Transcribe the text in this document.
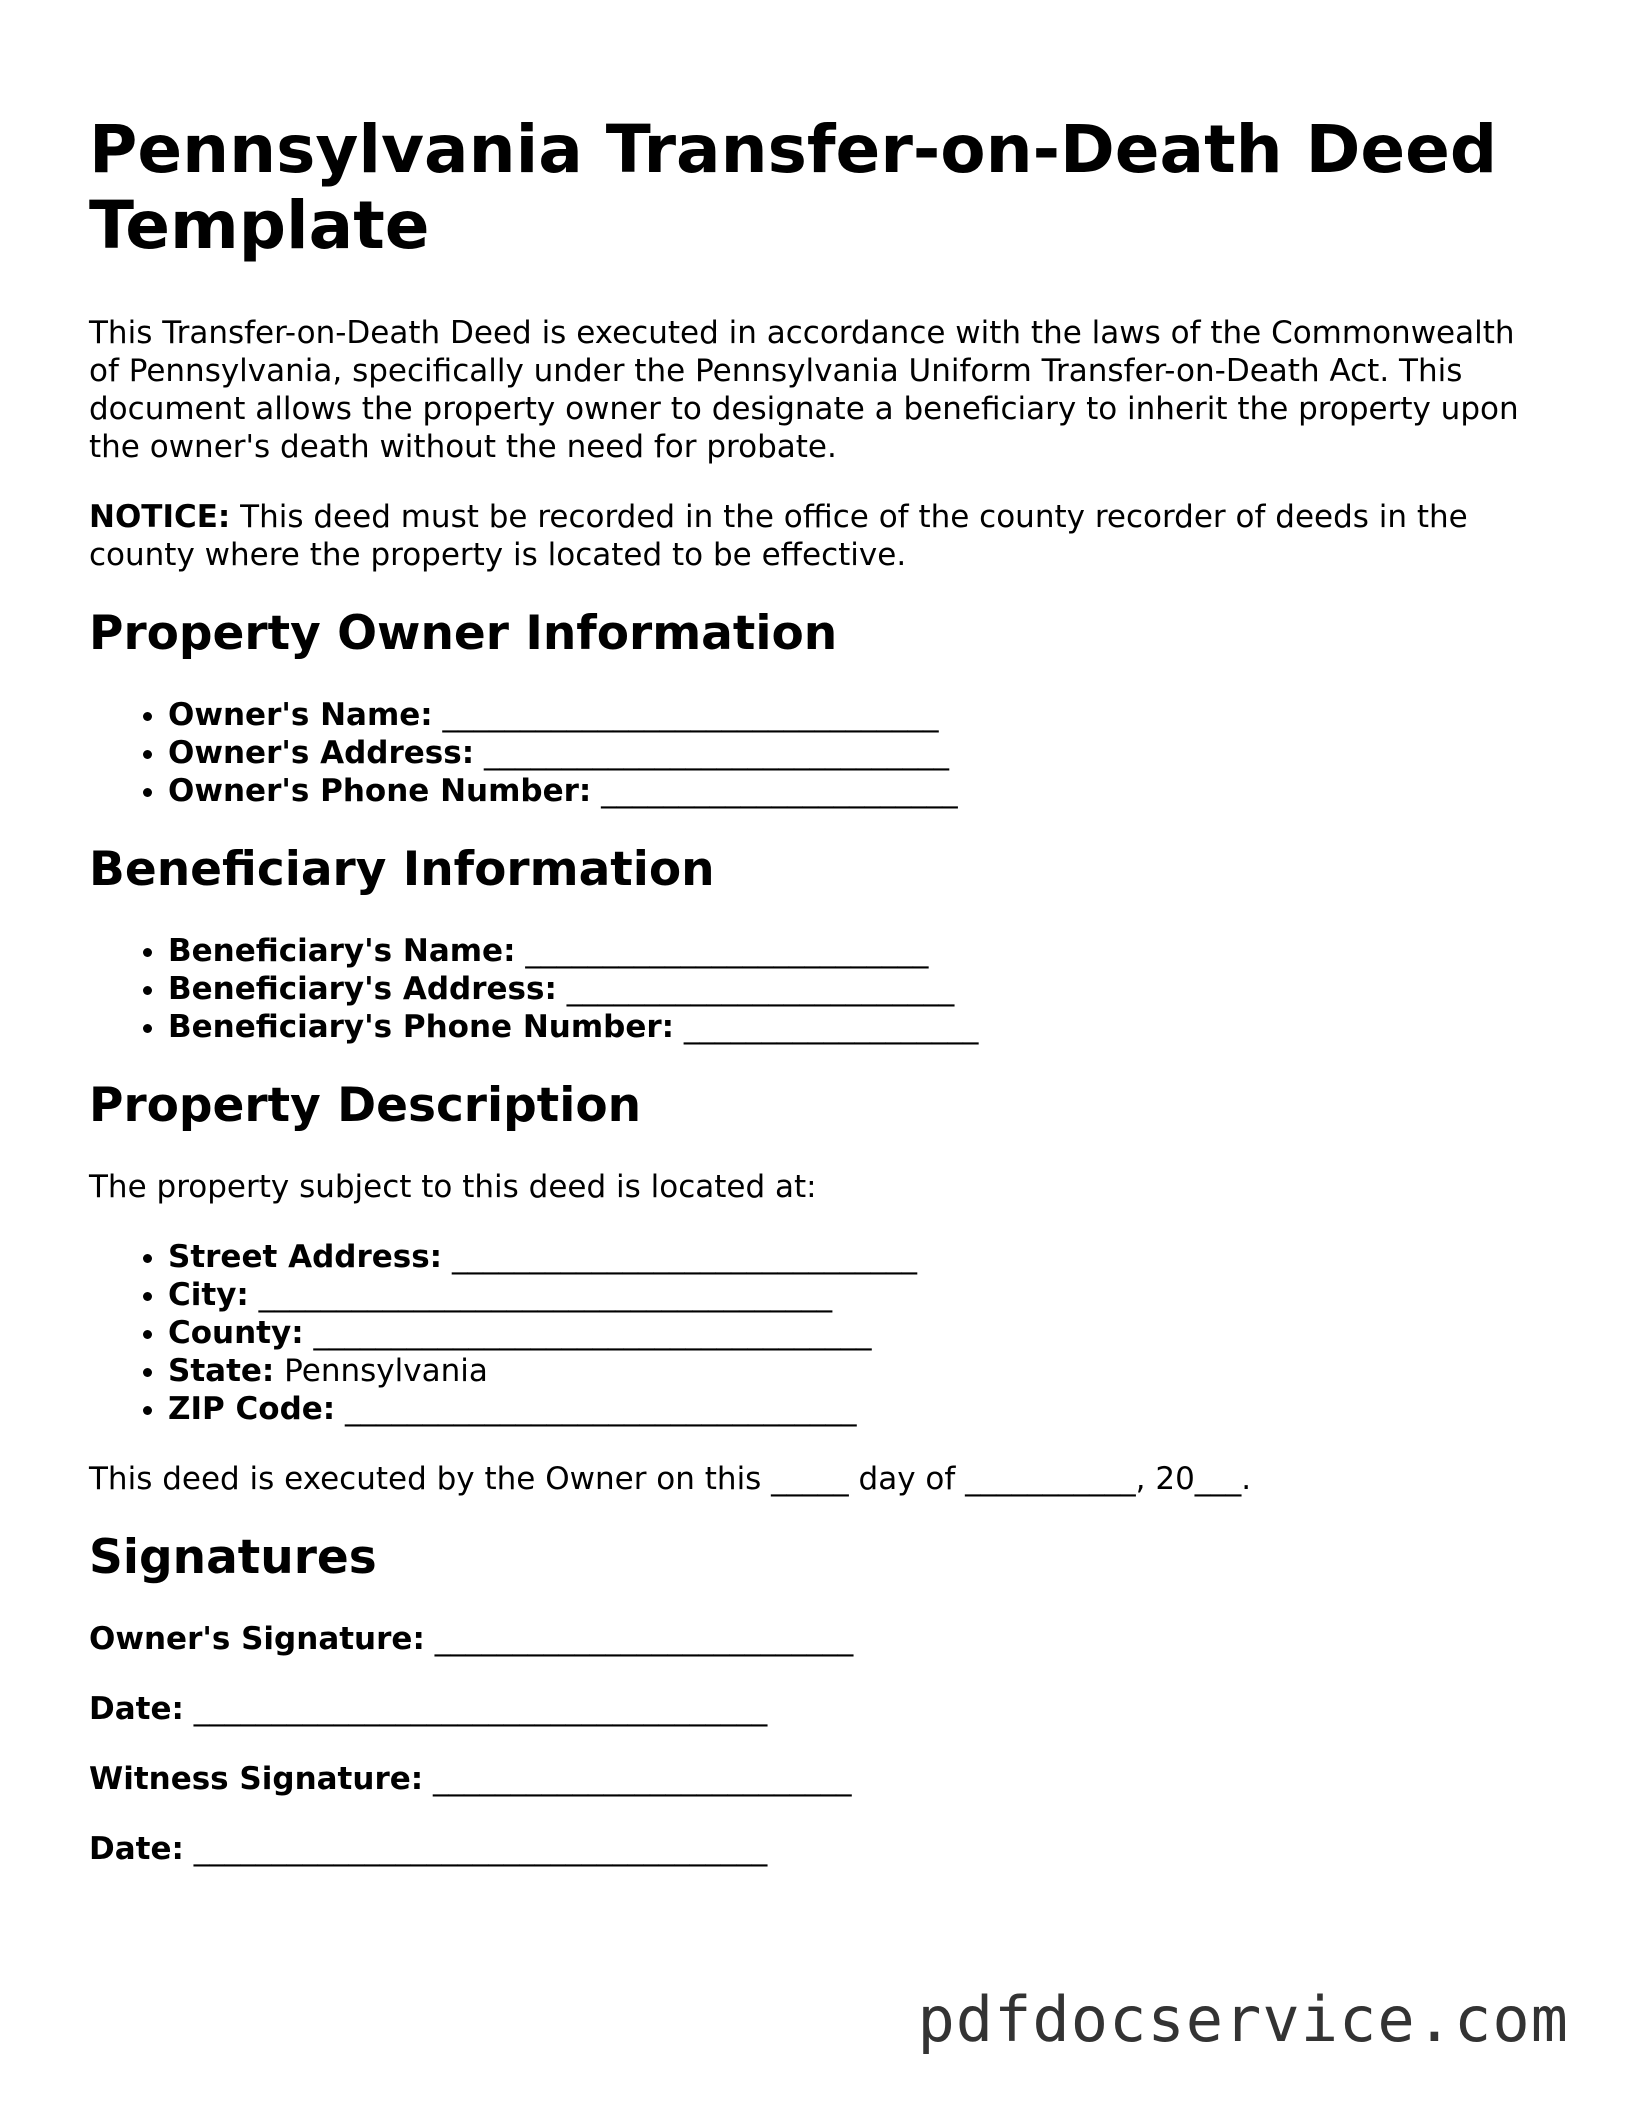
Pennsylvania Transfer-on-Death Deed Template

This Transfer-on-Death Deed is executed in accordance with the laws of the Commonwealth of Pennsylvania, specifically under the Pennsylvania Uniform Transfer-on-Death Act. This document allows the property owner to designate a beneficiary to inherit the property upon the owner's death without the need for probate.

NOTICE: This deed must be recorded in the office of the county recorder of deeds in the county where the property is located to be effective.

Property Owner Information
• Owner's Name: ________________________________
• Owner's Address: ______________________________
• Owner's Phone Number: _______________________
Beneficiary Information
• Beneficiary's Name: __________________________
• Beneficiary's Address: _________________________
• Beneficiary's Phone Number: ___________________
Property Description

The property subject to this deed is located at:

• Street Address: ______________________________
• City: _____________________________________
• County: ____________________________________
• State: Pennsylvania
• ZIP Code: _________________________________

This deed is executed by the Owner on this _____ day of ___________, 20___.

Signatures
Owner's Signature: ___________________________
Date: _____________________________________
Witness Signature: ___________________________
Date: _____________________________________
pdfdocservice.com
